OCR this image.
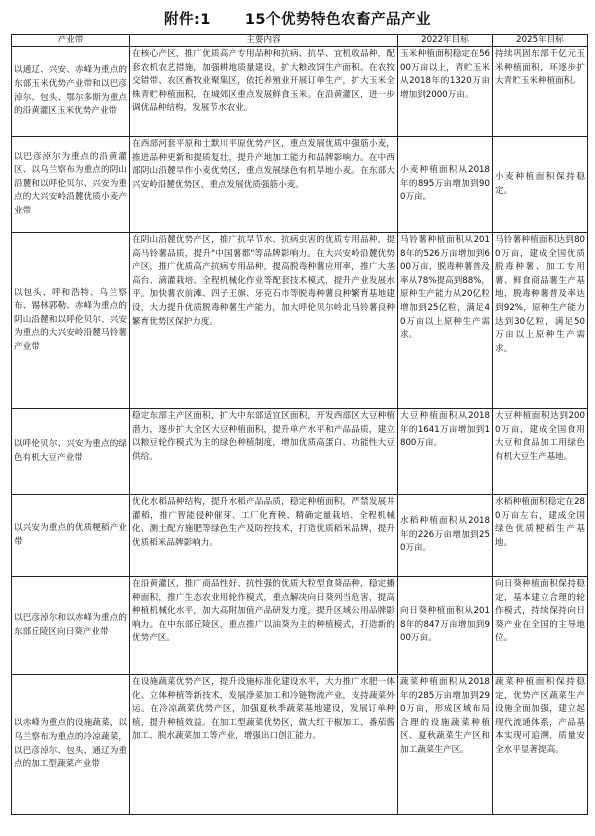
附件:1 15个优势特色农畜产品产业
产业带	主要内容	2022年目标	2025年目标
以通辽、兴安、赤峰为重点的东部玉米优势产业带和以巴彦淖尔、包头、鄂尔多斯为重点的沿黄灌区玉米优势产业带	在核心产区，推广优质高产专用品种和抗病、抗旱、宜机收品种，配套农机农艺措施，加强耕地质量建设，扩大粮改饲生产面积。在农牧交错带、农区畜牧业聚集区，依托养殖业开展订单生产，扩大玉米全株青贮种植面积，在城郊区重点发展鲜食玉米。在沿黄灌区，进一步调优品种结构，发展节水农业。	玉米种植面积稳定在5600万亩以上，青贮玉米从2018年的1320万亩增加到2000万亩。	持续巩固东部千亿元玉米种植面积，环逐步扩大青贮玉米种植面积。
以巴彦淖尔为重点的沿黄灌区、以乌兰察布为重点的阴山沿麓和以呼伦贝尔、兴安为重点的大兴安岭沿麓优质小麦产业带	在西部河套平原和土默川平原优势产区，重点发展优质中强筋小麦，推进品种更新和提质复壮，提升产地加工能力和品牌影响力。在中西部阴山沿麓旱作小麦优势区，重点发展绿色有机旱地小麦。在东部大兴安岭沿麓优势区，重点发展优质强筋小麦。	小麦种植面积从2018年的895万亩增加到900万亩。	小麦种植面积保持稳定。
以包头、呼和浩特、乌兰察布、锡林郭勒、赤峰为重点的阴山沿麓和以呼伦贝尔、兴安为重点的大兴安岭沿麓马铃薯产业带	在阴山沿麓优势产区，推广抗旱节水、抗病虫害的优质专用品种，提高马铃薯品质，提升"中国薯都"等品牌影响力。在大兴安岭沿麓优势产区，推广优质高产抗病专用品种，提高脱毒种薯应用率，推广大垄高台、滴灌栽培、全程机械化作业等配套技术模式，提升产业发展水平。加快薯农前滩、四子王旗、牙克石市等脱毒种薯良种繁育基地建设，大力提升优质脱毒种薯生产能力，加大呼伦贝尔岭北马铃薯良种繁育优势区保护力度。	马铃薯种植面积从2018年的526万亩增加到600万亩，脱毒种薯普及率从78%提高到88%，原种生产能力从20亿粒增加到25亿粒，满足40万亩以上原种生产需求。	马铃薯种植面积达到800万亩，建成全国优质脱毒种薯、加工专用薯、鲜食商品薯生产基地，脱毒种薯普及率达到92%，原种生产能力达到30亿粒，满足50万亩以上原种生产需求。
以呼伦贝尔、兴安为重点的绿色有机大豆产业带	稳定东部主产区面积，扩大中东部适宜区面积，开发西部区大豆种植潜力，逐步扩大全区大豆种植面积，提升单产水平和产品品质，建立以粮豆轮作模式为主的绿色种植制度，增加优质高蛋白、功能性大豆供给。	大豆种植面积从2018年的1641万亩增加到1800万亩。	大豆种植面积达到2000万亩，建成全国食用大豆和食品加工用绿色有机大豆生产基地。
以兴安为重点的优质粳稻产业带	优化水稻品种结构，提升水稻产品品质，稳定种植面积，严禁发展井灌稻，推广智能侵种催芽、工厂化育秧、精确定量栽培、全程机械化、测土配方施肥等绿色生产及防控技术，打造优质稻米品牌，提升优质稻米品牌影响力。	水稻种植面积从2018年的226万亩增加到250万亩。	水稻种植面积稳定在280万亩左右，建成全国绿色优质粳稻生产基地。
以巴彦淖尔和以赤峰为重点的东部丘陵区向日葵产业带	在沿黄灌区，推广商品性好、抗性强的优质大粒型食葵品种，稳定播种面积，推广生态农业用轮作模式，重点解决向日葵列当危害，提高种植机械化水平，加大高附加值产品研发力度，提升区域公用品牌影响力。在中东部丘陵区，重点推广以油葵为主的种植模式，打造新的优势产区。	向日葵种植面积从2018年的847万亩增加到900万亩。	向日葵种植面积保持稳定，基本建立合理的轮作模式，持续保持向日葵产业在全国的主导地位。
以赤峰为重点的设施蔬菜，以乌兰察布为重点的冷凉蔬菜，以巴彦淖尔、包头、通辽为重点的加工型蔬菜产业带	在设施蔬菜优势产区，提升设施标准化建设水平，大力推广水肥一体化、立体种植等新技术，发展净菜加工和冷链物流产业，支持蔬菜外运。在冷凉蔬菜优势产区，加强夏秋季蔬菜基地建设，发展订单种植，提升种植效益。在加工型蔬菜优势区，做大红干椒加工、番茄酱加工、脱水蔬菜加工等产业，增强出口创汇能力。	蔬菜种植面积从2018年的285万亩增加到290万亩，形成区域布局合理的设施蔬菜种植区、夏秋蔬菜生产区和加工蔬菜生产区。	蔬菜种植面积保持稳定，优势产区蔬菜生产设施全面加强，建立起现代流通体系，产品基本实现可追溯，质量安全水平显著提高。
